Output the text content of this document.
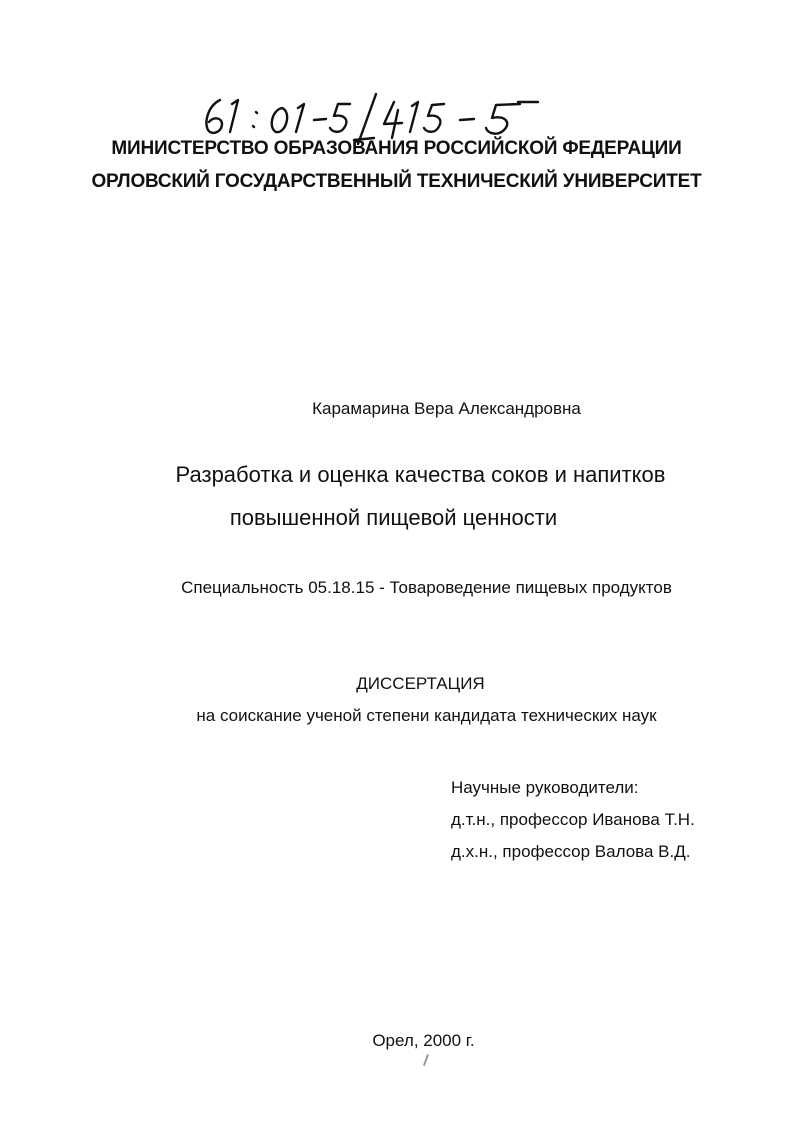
МИНИСТЕРСТВО ОБРАЗОВАНИЯ РОССИЙСКОЙ ФЕДЕРАЦИИ
ОРЛОВСКИЙ ГОСУДАРСТВЕННЫЙ ТЕХНИЧЕСКИЙ УНИВЕРСИТЕТ
Карамарина Вера Александровна
Разработка и оценка качества соков и напитков
повышенной пищевой ценности
Специальность 05.18.15 - Товароведение пищевых продуктов
ДИССЕРТАЦИЯ
на соискание ученой степени кандидата технических наук
Научные руководители:
д.т.н., профессор Иванова Т.Н.
д.х.н., профессор Валова В.Д.
Орел, 2000 г.
